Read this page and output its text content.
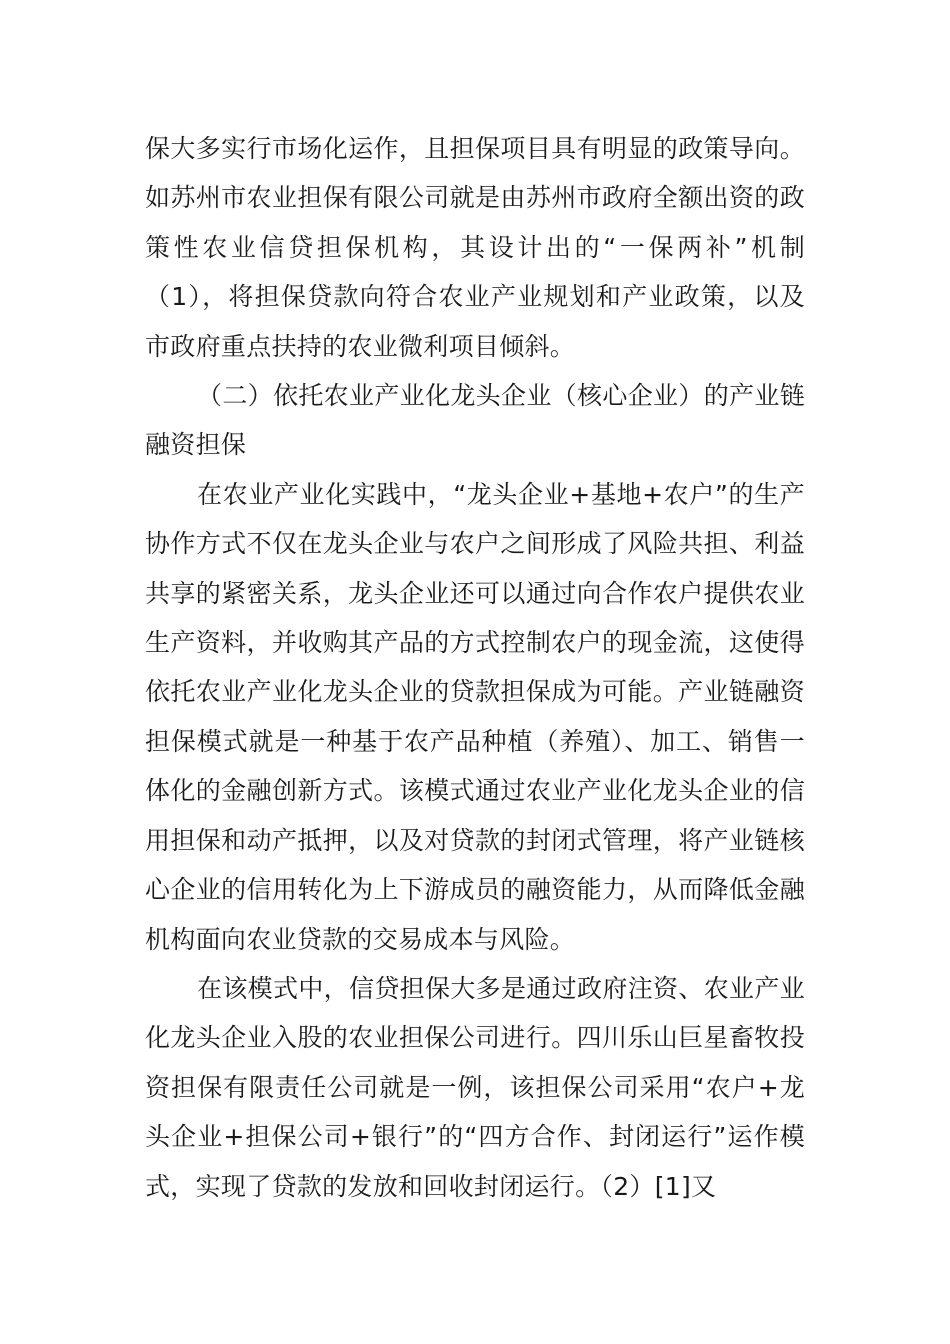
保大多实行市场化运作，且担保项目具有明显的政策导向。如苏州市农业担保有限公司就是由苏州市政府全额出资的政策性农业信贷担保机构，其设计出的“一保两补”机制（1），将担保贷款向符合农业产业规划和产业政策，以及市政府重点扶持的农业微利项目倾斜。

（二）依托农业产业化龙头企业（核心企业）的产业链融资担保

在农业产业化实践中，“龙头企业+基地+农户”的生产协作方式不仅在龙头企业与农户之间形成了风险共担、利益共享的紧密关系，龙头企业还可以通过向合作农户提供农业生产资料，并收购其产品的方式控制农户的现金流，这使得依托农业产业化龙头企业的贷款担保成为可能。产业链融资担保模式就是一种基于农产品种植（养殖）、加工、销售一体化的金融创新方式。该模式通过农业产业化龙头企业的信用担保和动产抵押，以及对贷款的封闭式管理，将产业链核心企业的信用转化为上下游成员的融资能力，从而降低金融机构面向农业贷款的交易成本与风险。

在该模式中，信贷担保大多是通过政府注资、农业产业化龙头企业入股的农业担保公司进行。四川乐山巨星畜牧投资担保有限责任公司就是一例，该担保公司采用“农户+龙头企业+担保公司+银行”的“四方合作、封闭运行”运作模式，实现了贷款的发放和回收封闭运行。（2）[1]又
